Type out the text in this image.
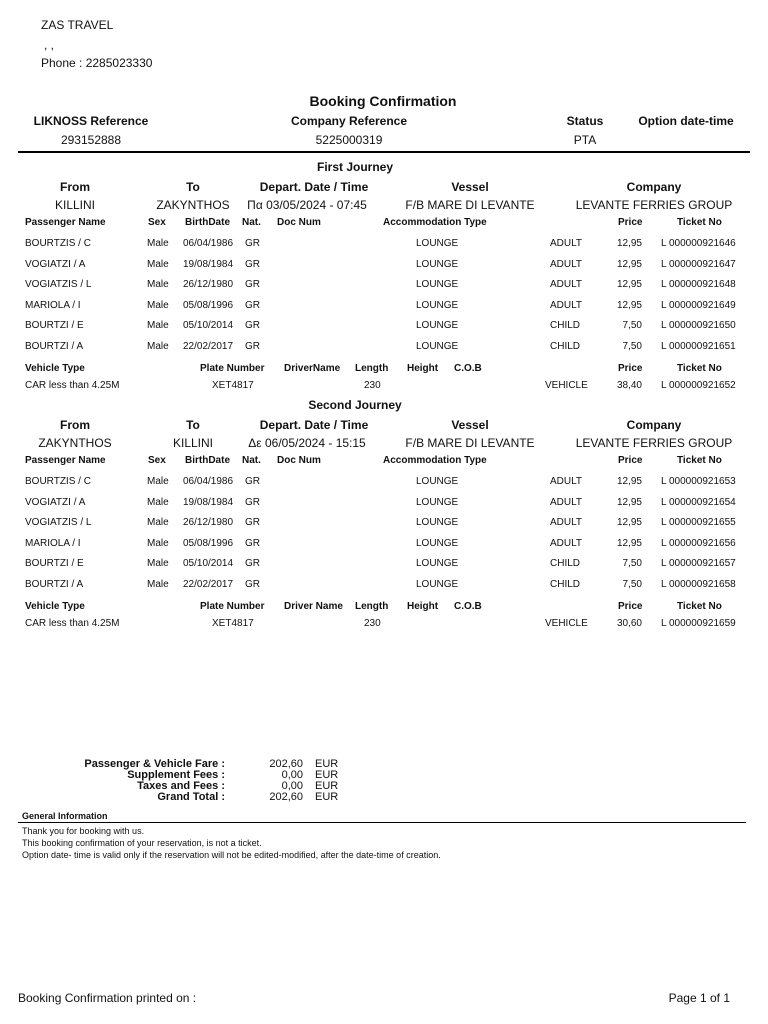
ZAS TRAVEL
, ,
Phone : 2285023330
Booking Confirmation
LIKNOSS Reference	Company Reference	Status	Option date-time
293152888	5225000319	PTA
First Journey
From	To	Depart. Date / Time	Vessel	Company
KILLINI	ZAKYNTHOS Πα 03/05/2024 - 07:45	F/B MARE DI LEVANTE	LEVANTE FERRIES GROUP
Passenger Name	Sex BirthDate Nat. Doc Num	Accommodation Type	Price	Ticket No
BOURTZIS / C	Male 06/04/1986 GR	LOUNGE	ADULT	12,95 L 000000921646
VOGIATZI / A	Male 19/08/1984 GR	LOUNGE	ADULT	12,95 L 000000921647
VOGIATZIS / L	Male 26/12/1980 GR	LOUNGE	ADULT	12,95 L 000000921648
MARIOLA / I	Male 05/08/1996 GR	LOUNGE	ADULT	12,95 L 000000921649
BOURTZI / E	Male 05/10/2014 GR	LOUNGE	CHILD	7,50 L 000000921650
BOURTZI / A	Male 22/02/2017 GR	LOUNGE	CHILD	7,50 L 000000921651
Vehicle Type	Plate Number DriverName Length Height C.O.B	Price	Ticket No
CAR less than 4.25M	XET4817	230	VEHICLE	38,40 L 000000921652
Second Journey
From	To	Depart. Date / Time	Vessel	Company
ZAKYNTHOS	KILLINI	Δε 06/05/2024 - 15:15	F/B MARE DI LEVANTE	LEVANTE FERRIES GROUP
Passenger Name	Sex BirthDate Nat. Doc Num	Accommodation Type	Price	Ticket No
BOURTZIS / C	Male 06/04/1986 GR	LOUNGE	ADULT	12,95 L 000000921653
VOGIATZI / A	Male 19/08/1984 GR	LOUNGE	ADULT	12,95 L 000000921654
VOGIATZIS / L	Male 26/12/1980 GR	LOUNGE	ADULT	12,95 L 000000921655
MARIOLA / I	Male 05/08/1996 GR	LOUNGE	ADULT	12,95 L 000000921656
BOURTZI / E	Male 05/10/2014 GR	LOUNGE	CHILD	7,50 L 000000921657
BOURTZI / A	Male 22/02/2017 GR	LOUNGE	CHILD	7,50 L 000000921658
Vehicle Type	Plate Number Driver Name Length Height C.O.B	Price	Ticket No
CAR less than 4.25M	XET4817	230	VEHICLE	30,60 L 000000921659
Passenger & Vehicle Fare :	202,60 EUR
Supplement Fees :	0,00 EUR
Taxes and Fees :	0,00 EUR
Grand Total :	202,60 EUR
General Information
Thank you for booking with us.
This booking confirmation of your reservation, is not a ticket.
Option date- time is valid only if the reservation will not be edited-modified, after the date-time of creation.
Booking Confirmation printed on :	Page 1 of 1
